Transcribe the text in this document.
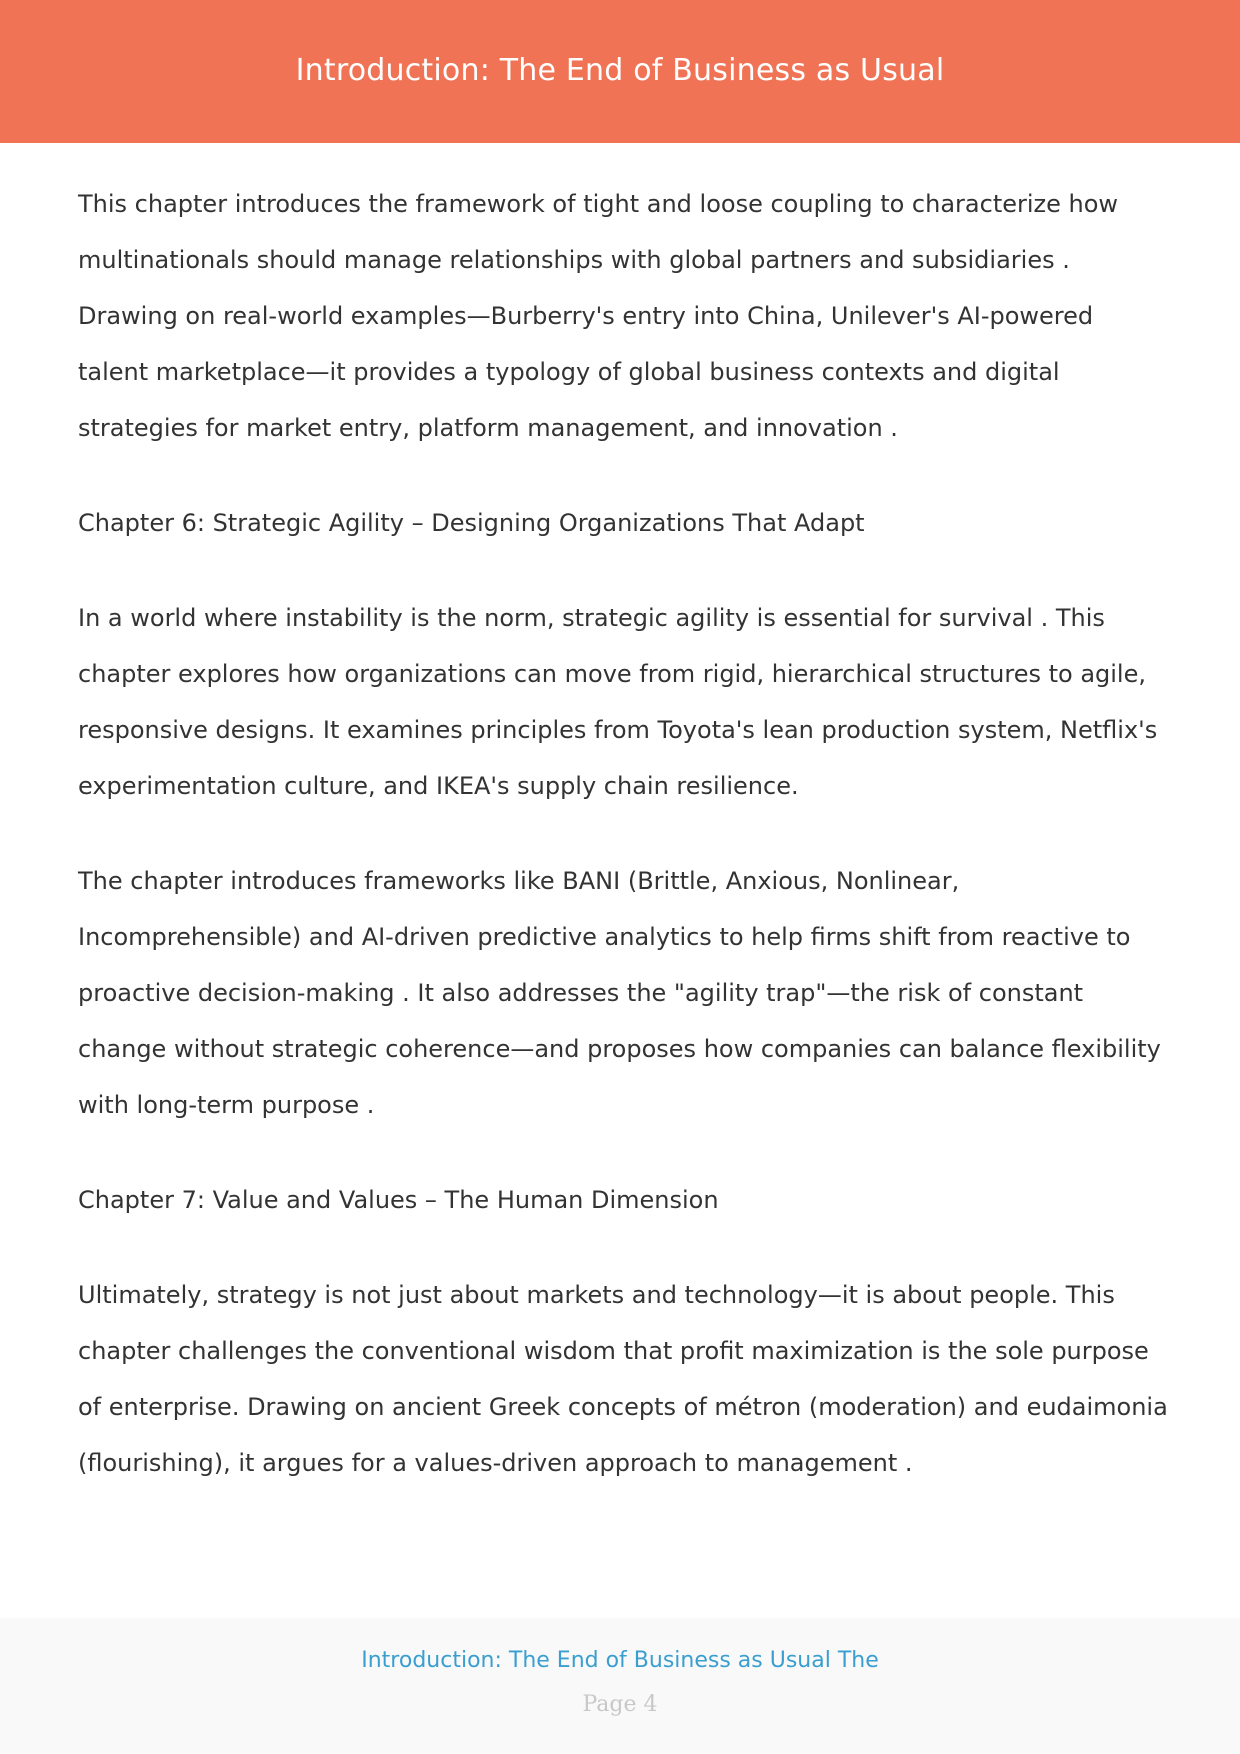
Introduction: The End of Business as Usual

This chapter introduces the framework of tight and loose coupling to characterize how multinationals should manage relationships with global partners and subsidiaries . Drawing on real-world examples—Burberry's entry into China, Unilever's AI-powered talent marketplace—it provides a typology of global business contexts and digital strategies for market entry, platform management, and innovation .

Chapter 6: Strategic Agility – Designing Organizations That Adapt

In a world where instability is the norm, strategic agility is essential for survival . This chapter explores how organizations can move from rigid, hierarchical structures to agile, responsive designs. It examines principles from Toyota's lean production system, Netflix's experimentation culture, and IKEA's supply chain resilience.

The chapter introduces frameworks like BANI (Brittle, Anxious, Nonlinear, Incomprehensible) and AI-driven predictive analytics to help firms shift from reactive to proactive decision-making . It also addresses the "agility trap"—the risk of constant change without strategic coherence—and proposes how companies can balance flexibility with long-term purpose .

Chapter 7: Value and Values – The Human Dimension

Ultimately, strategy is not just about markets and technology—it is about people. This chapter challenges the conventional wisdom that profit maximization is the sole purpose of enterprise. Drawing on ancient Greek concepts of métron (moderation) and eudaimonia (flourishing), it argues for a values-driven approach to management .

Introduction: The End of Business as Usual The
Page 4
